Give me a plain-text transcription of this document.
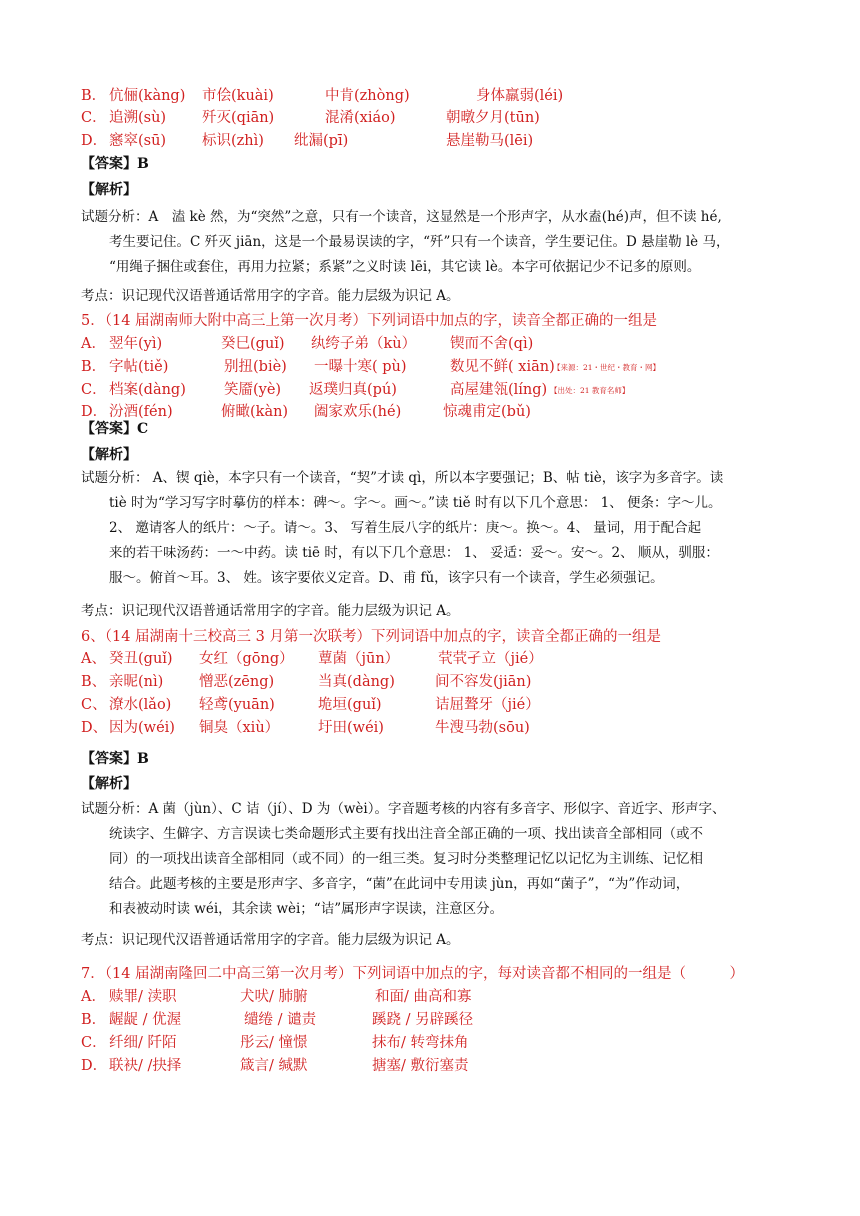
B． 伉俪(kàng) 市侩(kuài)	中肯(zhòng)	身体羸弱(léi)
C． 追溯(sù) 歼灭(qiān)	混淆(xiáo)	朝暾夕月(tūn)
D． 窸窣(sū) 标识(zhì) 纰漏(pī)	悬崖勒马(lēi)
【答案】B
【解析】

试题分析：A　溘 kè 然，为“突然”之意，只有一个读音，这显然是一个形声字，从水盍(hé)声，但不读 hé,

考生要记住。C 歼灭 jiān，这是一个最易误读的字，“歼”只有一个读音，学生要记住。D 悬崖勒 lè 马，

“用绳子捆住或套住，再用力拉紧；系紧”之义时读 lēi，其它读 lè。本字可依据记少不记多的原则。

考点：识记现代汉语普通话常用字的字音。能力层级为识记 A。
5．（14 届湖南师大附中高三上第一次月考）下列词语中加点的字，读音全都正确的一组是
A． 翌年(yì)	癸巳(guǐ) 纨绔子弟（kù） 锲而不舍(qì)
B． 字帖(tiě)	别扭(biè) 一曝十寒( pù)	数见不鲜( xiān)
【来源：21・世纪・教育・网】
C． 档案(dàng)	笑靥(yè) 返璞归真(pú)	高屋建瓴(líng) 【出处：21 教育名师】
D． 汾酒(fén)	俯瞰(kàn) 阖家欢乐(hé)	惊魂甫定(bǔ)
【答案】C
【解析】

试题分析： A、锲 qiè，本字只有一个读音，“契”才读 qì，所以本字要强记；B、帖 tiè，该字为多音字。读

tiè 时为“学习写字时摹仿的样本：碑～。字～。画～。”读 tiě 时有以下几个意思： 1、 便条：字～儿。

2、 邀请客人的纸片：～子。请～。3、 写着生辰八字的纸片：庚～。换～。4、 量词，用于配合起

来的若干味汤药：一～中药。读 tiē 时，有以下几个意思： 1、 妥适：妥～。安～。2、 顺从，驯服：

服～。俯首～耳。3、 姓。该字要依义定音。D、甫 fǔ，该字只有一个读音，学生必须强记。

考点：识记现代汉语普通话常用字的字音。能力层级为识记 A。
6、（14 届湖南十三校高三 3 月第一次联考）下列词语中加点的字，读音全都正确的一组是
A、 癸丑(guǐ) 女红（gōng） 蕈菌（jūn）	茕茕孑立（jié）
B、 亲昵(nì) 憎恶(zēng)	当真(dàng)	间不容发(jiān)
C、 潦水(lǎo) 轻鸢(yuān)	垝垣(guǐ)	诘屈聱牙（jié）
D、 因为(wéi) 铜臭（xiù）	圩田(wéi)	牛溲马勃(sōu)
【答案】B
【解析】

试题分析：A 菌（jùn）、C 诘（jí）、D 为（wèi）。字音题考核的内容有多音字、形似字、音近字、形声字、

统读字、生僻字、方言误读七类命题形式主要有找出注音全部正确的一项、找出读音全部相同（或不

同）的一项找出读音全部相同（或不同）的一组三类。复习时分类整理记忆以记忆为主训练、记忆相

结合。此题考核的主要是形声字、多音字，“菌”在此词中专用读 jùn，再如“菌子”，“为”作动词，

和表被动时读 wéi，其余读 wèi；“诘”属形声字误读，注意区分。

考点：识记现代汉语普通话常用字的字音。能力层级为识记 A。
7．（14 届湖南隆回二中高三第一次月考）下列词语中加点的字，每对读音都不相同的一组是（　　　）
A． 赎罪/ 渎职	犬吠/ 肺腑	和面/ 曲高和寡
B． 龌龊 / 优渥	缱绻 / 谴责	蹊跷 / 另辟蹊径
C． 纤细/ 阡陌	彤云/ 憧憬	抹布/ 转弯抹角
D． 联袂/ /抉择	箴言/ 缄默	搪塞/ 敷衍塞责
